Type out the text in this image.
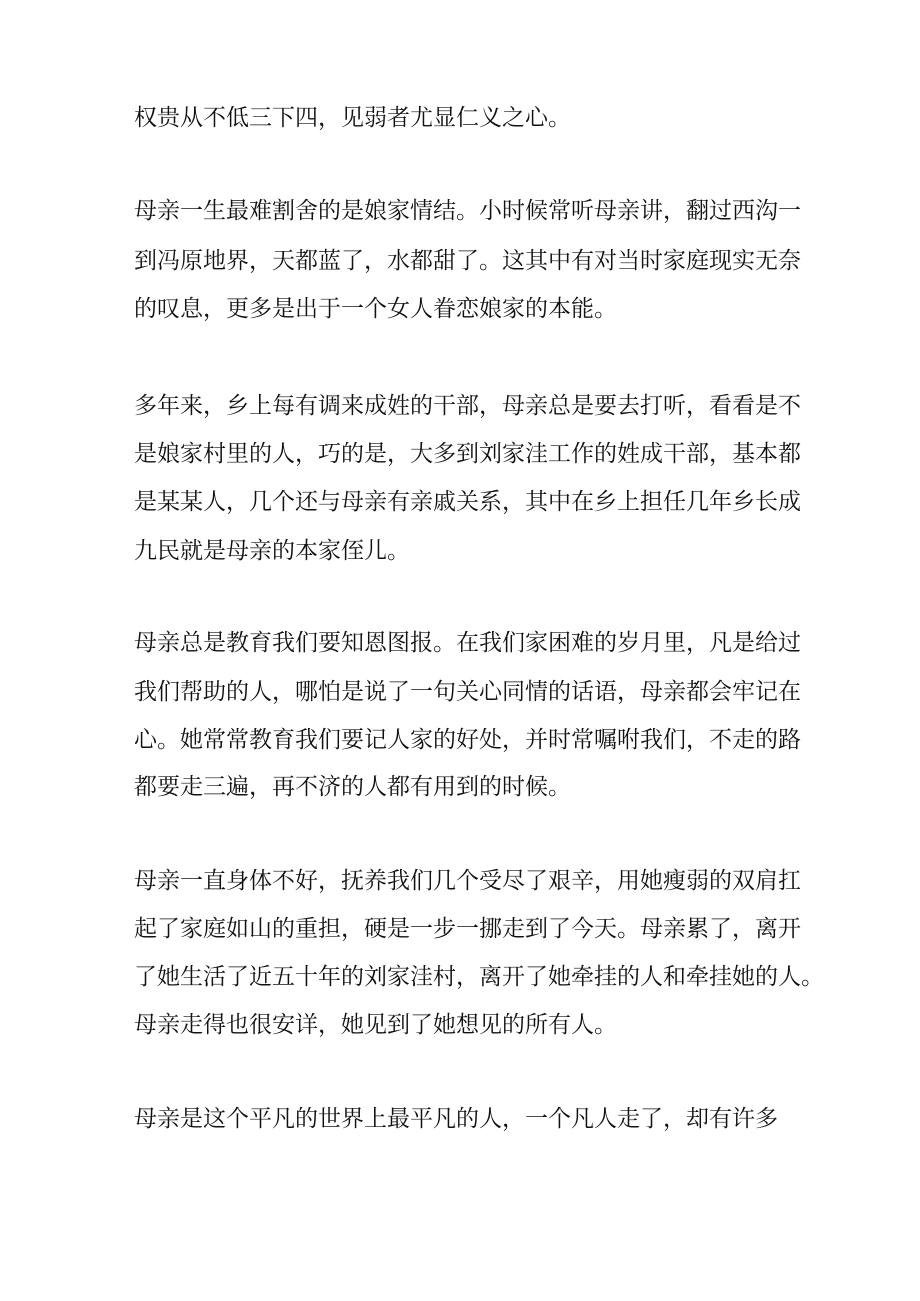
权贵从不低三下四，见弱者尤显仁义之心。

母亲一生最难割舍的是娘家情结。小时候常听母亲讲，翻过西沟一

到冯原地界，天都蓝了，水都甜了。这其中有对当时家庭现实无奈

的叹息，更多是出于一个女人眷恋娘家的本能。

多年来，乡上每有调来成姓的干部，母亲总是要去打听，看看是不

是娘家村里的人，巧的是，大多到刘家洼工作的姓成干部，基本都

是某某人，几个还与母亲有亲戚关系，其中在乡上担任几年乡长成

九民就是母亲的本家侄儿。

母亲总是教育我们要知恩图报。在我们家困难的岁月里，凡是给过

我们帮助的人，哪怕是说了一句关心同情的话语，母亲都会牢记在

心。她常常教育我们要记人家的好处，并时常嘱咐我们，不走的路

都要走三遍，再不济的人都有用到的时候。

母亲一直身体不好，抚养我们几个受尽了艰辛，用她瘦弱的双肩扛

起了家庭如山的重担，硬是一步一挪走到了今天。母亲累了，离开

了她生活了近五十年的刘家洼村，离开了她牵挂的人和牵挂她的人。

母亲走得也很安详，她见到了她想见的所有人。

母亲是这个平凡的世界上最平凡的人，一个凡人走了，却有许多
